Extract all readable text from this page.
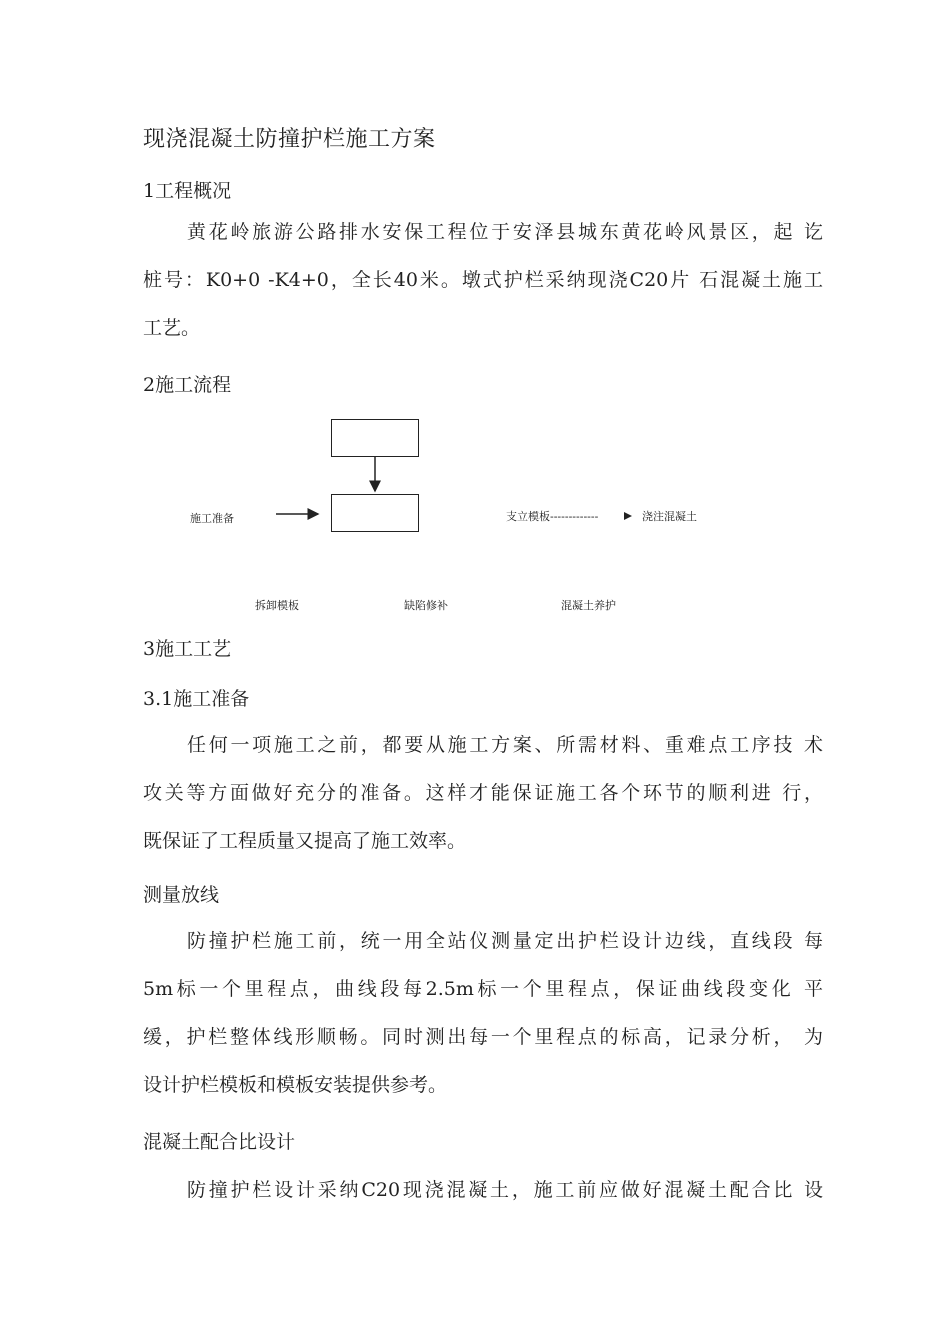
现浇混凝土防撞护栏施工方案
1工程概况
黄花岭旅游公路排水安保工程位于安泽县城东黄花岭风景区，起 讫
桩号：K0+0 -K4+0，全长40米。墩式护栏采纳现浇C20片 石混凝土施工
工艺。
2施工流程
施工准备	支立模板-------------	浇注混凝土
拆卸模板	缺陷修补	混凝土养护
3施工工艺
3.1施工准备
任何一项施工之前，都要从施工方案、所需材料、重难点工序技 术
攻关等方面做好充分的准备。这样才能保证施工各个环节的顺利进 行，
既保证了工程质量又提高了施工效率。
测量放线
防撞护栏施工前，统一用全站仪测量定出护栏设计边线，直线段 每
5m标一个里程点，曲线段每2.5m标一个里程点，保证曲线段变化 平
缓，护栏整体线形顺畅。同时测出每一个里程点的标高，记录分析， 为
设计护栏模板和模板安装提供参考。
混凝土配合比设计
防撞护栏设计采纳C20现浇混凝土，施工前应做好混凝土配合比 设
